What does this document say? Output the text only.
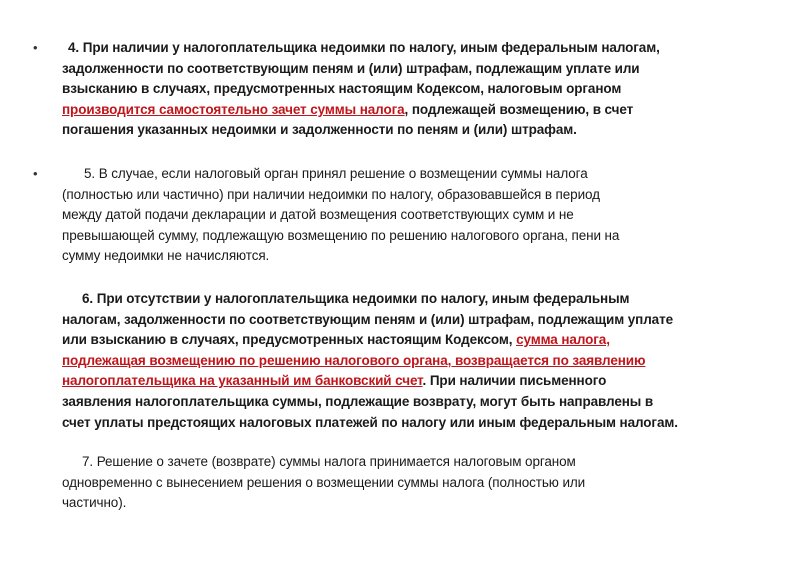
•	4. При наличии у налогоплательщика недоимки по налогу, иным федеральным налогам,
задолженности по соответствующим пеням и (или) штрафам, подлежащим уплате или
взысканию в случаях, предусмотренных настоящим Кодексом, налоговым органом
производится самостоятельно зачет суммы налога, подлежащей возмещению, в счет
погашения указанных недоимки и задолженности по пеням и (или) штрафам.
•	5. В случае, если налоговый орган принял решение о возмещении суммы налога
(полностью или частично) при наличии недоимки по налогу, образовавшейся в период
между датой подачи декларации и датой возмещения соответствующих сумм и не
превышающей сумму, подлежащую возмещению по решению налогового органа, пени на
сумму недоимки не начисляются.
6. При отсутствии у налогоплательщика недоимки по налогу, иным федеральным
налогам, задолженности по соответствующим пеням и (или) штрафам, подлежащим уплате
или взысканию в случаях, предусмотренных настоящим Кодексом, сумма налога,
подлежащая возмещению по решению налогового органа, возвращается по заявлению
налогоплательщика на указанный им банковский счет. При наличии письменного
заявления налогоплательщика суммы, подлежащие возврату, могут быть направлены в
счет уплаты предстоящих налоговых платежей по налогу или иным федеральным налогам.
7. Решение о зачете (возврате) суммы налога принимается налоговым органом
одновременно с вынесением решения о возмещении суммы налога (полностью или
частично).
